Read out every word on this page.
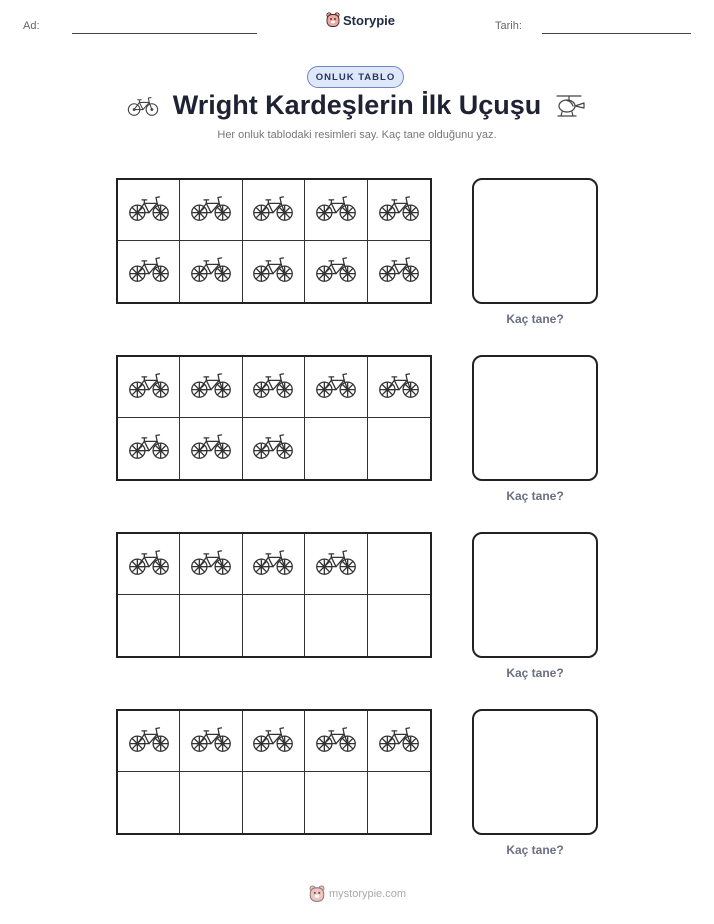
Ad:	Storypie	Tarih:
ONLUK TABLO
Wright Kardeşlerin İlk Uçuşu
Her onluk tablodaki resimleri say. Kaç tane olduğunu yaz.
Kaç tane?
Kaç tane?
Kaç tane?
Kaç tane?
mystorypie.com
